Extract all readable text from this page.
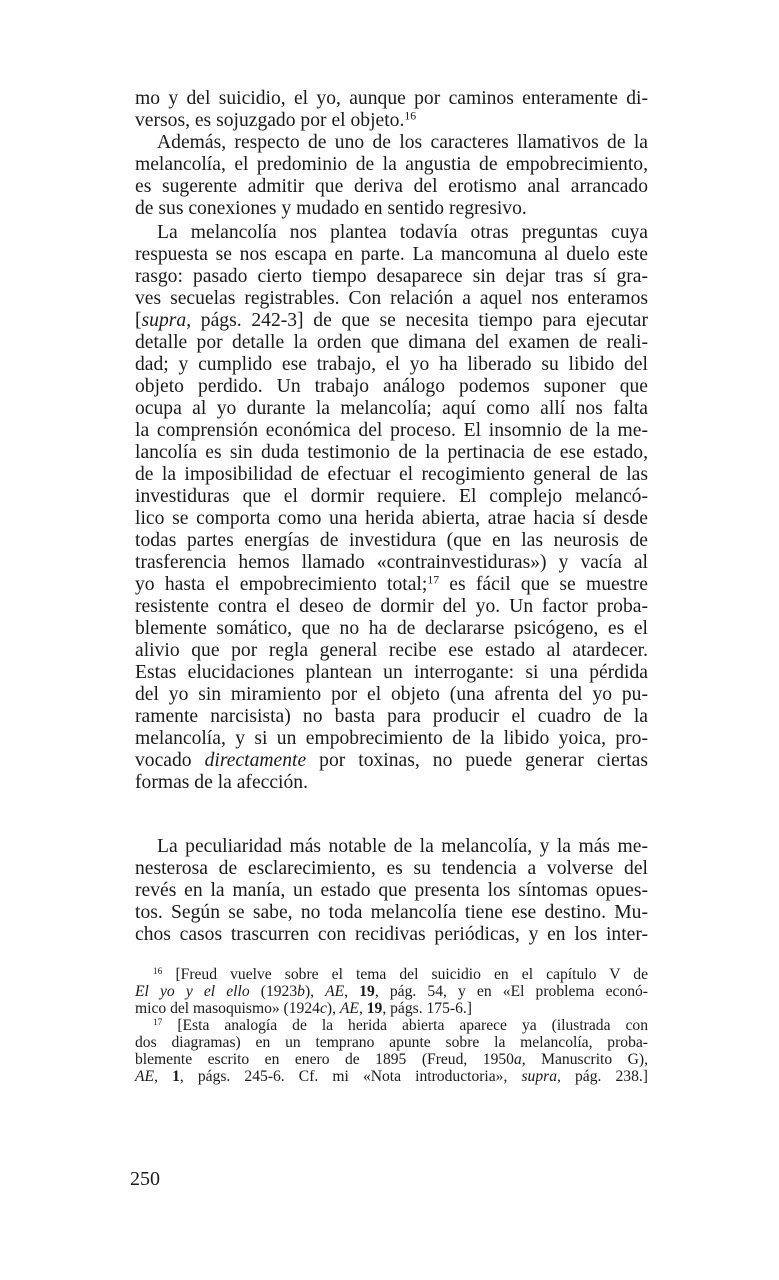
mo y del suicidio, el yo, aunque por caminos enteramente di-
versos, es sojuzgado por el objeto.$^{16}$
Además, respecto de uno de los caracteres llamativos de la
melancolía, el predominio de la angustia de empobrecimiento,
es sugerente admitir que deriva del erotismo anal arrancado
de sus conexiones y mudado en sentido regresivo.
La melancolía nos plantea todavía otras preguntas cuya
respuesta se nos escapa en parte. La mancomuna al duelo este
rasgo: pasado cierto tiempo desaparece sin dejar tras sí gra-
ves secuelas registrables. Con relación a aquel nos enteramos
[supra, págs. 242-3] de que se necesita tiempo para ejecutar
detalle por detalle la orden que dimana del examen de reali-
dad; y cumplido ese trabajo, el yo ha liberado su libido del
objeto perdido. Un trabajo análogo podemos suponer que
ocupa al yo durante la melancolía; aquí como allí nos falta
la comprensión económica del proceso. El insomnio de la me-
lancolía es sin duda testimonio de la pertinacia de ese estado,
de la imposibilidad de efectuar el recogimiento general de las
investiduras que el dormir requiere. El complejo melancó-
lico se comporta como una herida abierta, atrae hacia sí desde
todas partes energías de investidura (que en las neurosis de
trasferencia hemos llamado «contrainvestiduras») y vacía al
yo hasta el empobrecimiento total;$^{17}$ es fácil que se muestre
resistente contra el deseo de dormir del yo. Un factor proba-
blemente somático, que no ha de declararse psicógeno, es el
alivio que por regla general recibe ese estado al atardecer.
Estas elucidaciones plantean un interrogante: si una pérdida
del yo sin miramiento por el objeto (una afrenta del yo pu-
ramente narcisista) no basta para producir el cuadro de la
melancolía, y si un empobrecimiento de la libido yoica, pro-
vocado directamente por toxinas, no puede generar ciertas
formas de la afección.
La peculiaridad más notable de la melancolía, y la más me-
nesterosa de esclarecimiento, es su tendencia a volverse del
revés en la manía, un estado que presenta los síntomas opues-
tos. Según se sabe, no toda melancolía tiene ese destino. Mu-
chos casos trascurren con recidivas periódicas, y en los inter-
$^{16}$ [Freud vuelve sobre el tema del suicidio en el capítulo V de
El yo y el ello (1923b), AE, 19, pág. 54, y en «El problema econó-
mico del masoquismo» (1924c), AE, 19, págs. 175-6.]
$^{17}$ [Esta analogía de la herida abierta aparece ya (ilustrada con
dos diagramas) en un temprano apunte sobre la melancolía, proba-
blemente escrito en enero de 1895 (Freud, 1950a, Manuscrito G),
AE, 1, págs. 245-6. Cf. mi «Nota introductoria», supra, pág. 238.]
250
